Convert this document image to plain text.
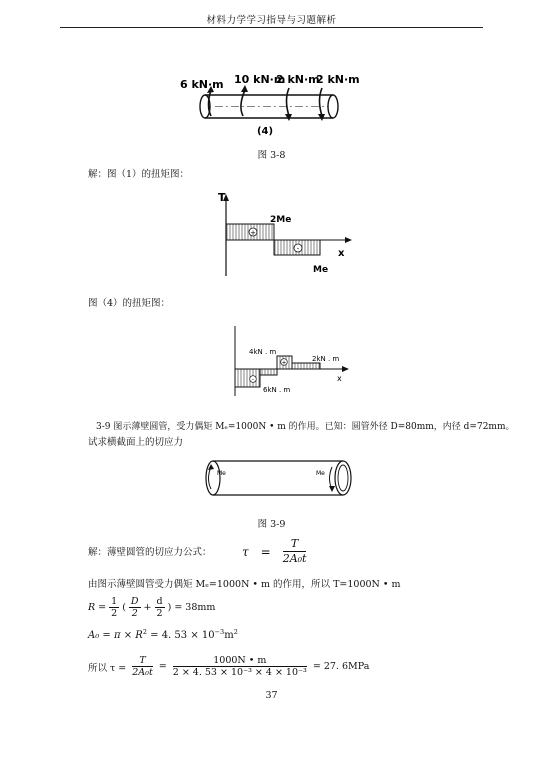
材料力学学习指导与习题解析
6 kN·m 10 kN·m
2 kN·m
2 kN·m
(4)
图 3-8
解：图（1）的扭矩图：
+
-
T
2Me
x
Me
图（4）的扭矩图：
+
-
4kN . m
2kN . m
x
6kN . m
3-9 图示薄壁圆管，受力偶矩 Mₑ=1000N • m 的作用。已知：圆管外径 D=80mm，内径 d=72mm。
试求横截面上的切应力
Me	Me
图 3-9
解：薄壁圆管的切应力公式：	$\tau = \frac{T}{\text{2A₀t}}$
由图示薄壁圆管受力偶矩 Mₑ=1000N • m 的作用，所以 T=1000N • m
$R = \frac{1}{2}$ ( $\frac{D}{2} + \frac{d}{2}$ ) = 38mm
$A_0 = \pi \times R^2 = 4$. $53 \times 10^{-3}m^2$
所以 $\tau = \frac{T}{\text{2A₀t}} = \frac{1000N • m}{\text{2 × 4. 53 × 10⁻³ × 4 × 10⁻³}} = 27$. 6MPa
37
